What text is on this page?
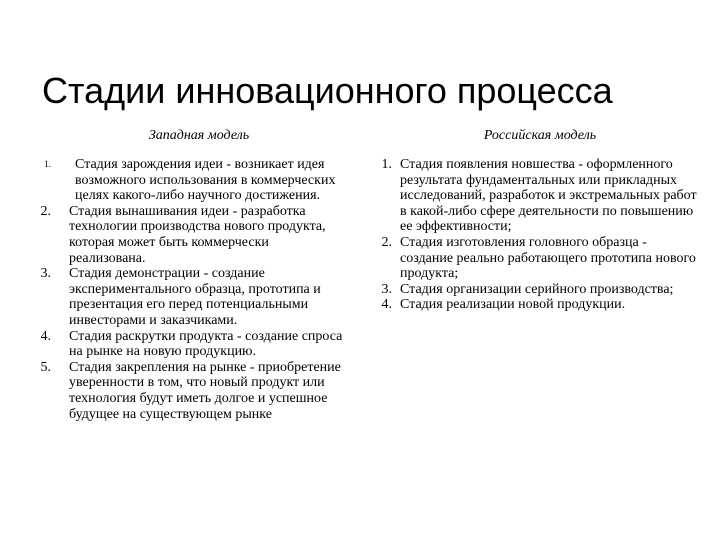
Стадии инновационного процесса
Западная модель
1. Стадия зарождения идеи - возникает идея возможного использования в коммерческих целях какого-либо научного достижения.
2. Стадия вынашивания идеи - разработка технологии производства нового продукта, которая может быть коммерчески реализована.
3. Стадия демонстрации - создание экспериментального образца, прототипа и презентация его перед потенциальными инвесторами и заказчиками.
4. Стадия раскрутки продукта - создание спроса на рынке на новую продукцию.
5. Стадия закрепления на рынке - приобретение уверенности в том, что новый продукт или технология будут иметь долгое и успешное будущее на существующем рынке
Российская модель
1. Стадия появления новшества - оформленного результата фундаментальных или прикладных исследований, разработок и экстремальных работ в какой-либо сфере деятельности по повышению ее эффективности;
2. Стадия изготовления головного образца - создание реально работающего прототипа нового продукта;
3. Стадия организации серийного производства;
4. Стадия реализации новой продукции.
